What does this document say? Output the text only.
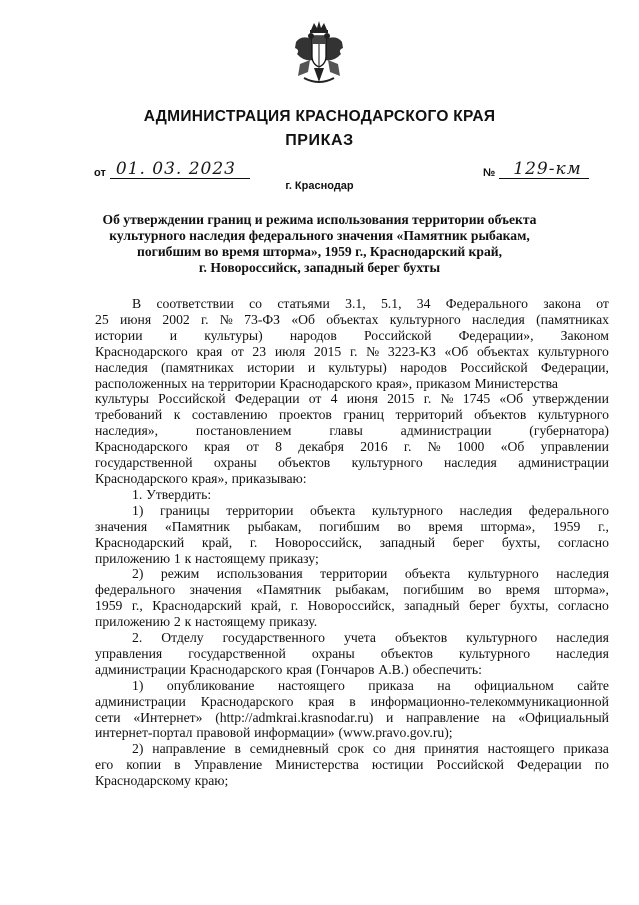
АДМИНИСТРАЦИЯ КРАСНОДАРСКОГО КРАЯ
ПРИКАЗ
от 01. 03. 2023	№	129-км
г. Краснодар
Об утверждении границ и режима использования территории объекта
культурного наследия федерального значения «Памятник рыбакам,
погибшим во время шторма», 1959 г., Краснодарский край,
г. Новороссийск, западный берег бухты
В соответствии со статьями 3.1, 5.1, 34 Федерального закона от
25 июня 2002 г. № 73-ФЗ «Об объектах культурного наследия (памятниках
истории и культуры) народов Российской Федерации», Законом
Краснодарского края от 23 июля 2015 г. № 3223-КЗ «Об объектах культурного
наследия (памятниках истории и культуры) народов Российской Федерации,
расположенных на территории Краснодарского края», приказом Министерства
культуры Российской Федерации от 4 июня 2015 г. № 1745 «Об утверждении
требований к составлению проектов границ территорий объектов культурного
наследия»,	постановлением	главы	администрации	(губернатора)
Краснодарского края от 8 декабря 2016 г. № 1000 «Об управлении
государственной охраны объектов культурного наследия администрации
Краснодарского края», приказываю:
1. Утвердить:
1) границы территории объекта культурного наследия федерального
значения «Памятник рыбакам, погибшим во время шторма», 1959 г.,
Краснодарский край, г. Новороссийск, западный берег бухты, согласно
приложению 1 к настоящему приказу;
2) режим использования территории объекта культурного наследия
федерального значения «Памятник рыбакам, погибшим во время шторма»,
1959 г., Краснодарский край, г. Новороссийск, западный берег бухты, согласно
приложению 2 к настоящему приказу.
2. Отделу государственного учета объектов культурного наследия
управления государственной охраны объектов культурного наследия
администрации Краснодарского края (Гончаров А.В.) обеспечить:
1) опубликование настоящего приказа на официальном сайте
администрации Краснодарского края в информационно-телекоммуникационной
сети «Интернет» (http://admkrai.krasnodar.ru) и направление на «Официальный
интернет-портал правовой информации» (www.pravo.gov.ru);
2) направление в семидневный срок со дня принятия настоящего приказа
его копии в Управление Министерства юстиции Российской Федерации по
Краснодарскому краю;
